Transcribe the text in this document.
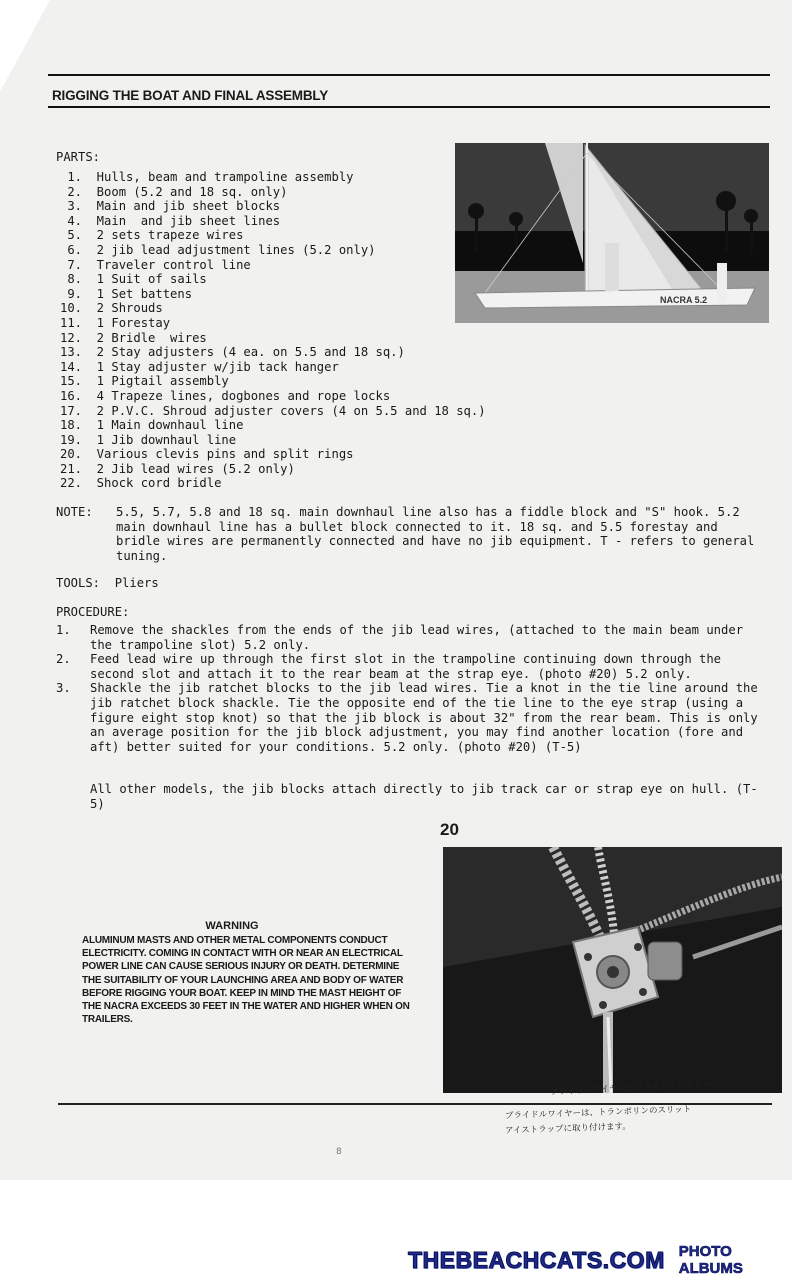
RIGGING THE BOAT AND FINAL ASSEMBLY
PARTS:
1.  Hulls, beam and trampoline assembly
2.  Boom (5.2 and 18 sq. only)
3.  Main and jib sheet blocks
4.  Main  and jib sheet lines
5.  2 sets trapeze wires
6.  2 jib lead adjustment lines (5.2 only)
7.  Traveler control line
8.  1 Suit of sails
9.  1 Set battens
10.  2 Shrouds
11.  1 Forestay
12.  2 Bridle  wires
13.  2 Stay adjusters (4 ea. on 5.5 and 18 sq.)
14.  1 Stay adjuster w/jib tack hanger
15.  1 Pigtail assembly
16.  4 Trapeze lines, dogbones and rope locks
17.  2 P.V.C. Shroud adjuster covers (4 on 5.5 and 18 sq.)
18.  1 Main downhaul line
19.  1 Jib downhaul line
20.  Various clevis pins and split rings
21.  2 Jib lead wires (5.2 only)
22.  Shock cord bridle
NACRA 5.2
NOTE: 5.5, 5.7, 5.8 and 18 sq. main downhaul line also has a fiddle block and "S" hook. 5.2 main downhaul line has a bullet block connected to it. 18 sq. and 5.5 forestay and bridle wires are permanently connected and have no jib equipment. T - refers to general tuning.
TOOLS:  Pliers
PROCEDURE:
1. Remove the shackles from the ends of the jib lead wires, (attached to the main beam under the trampoline slot) 5.2 only.
2. Feed lead wire up through the first slot in the trampoline continuing down through the second slot and attach it to the rear beam at the strap eye. (photo #20) 5.2 only.
3. Shackle the jib ratchet blocks to the jib lead wires. Tie a knot in the tie line around the jib ratchet block shackle. Tie the opposite end of the tie line to the eye strap (using a figure eight stop knot) so that the jib block is about 32" from the rear beam. This is only an average position for the jib block adjustment, you may find another location (fore and aft) better suited for your conditions. 5.2 only. (photo #20) (T-5)
All other models, the jib blocks attach directly to jib track car or strap eye on hull. (T-5)
20
WARNING
ALUMINUM MASTS AND OTHER METAL COMPONENTS CONDUCT ELECTRICITY. COMING IN CONTACT WITH OR NEAR AN ELECTRICAL POWER LINE CAN CAUSE SERIOUS INJURY OR DEATH. DETERMINE THE SUITABILITY OF YOUR LAUNCHING AREA AND BODY OF WATER BEFORE RIGGING YOUR BOAT. KEEP IN MIND THE MAST HEIGHT OF THE NACRA EXCEEDS 30 FEET IN THE WATER AND HIGHER WHEN ON TRAILERS.
ブライドルワイヤーとブライドルワイヤーの…
ブライドルワイヤーは、トランポリンのスリット
アイストラップに取り付けます。
8
THEBEACHCATS.COM PHOTO ALBUMS
